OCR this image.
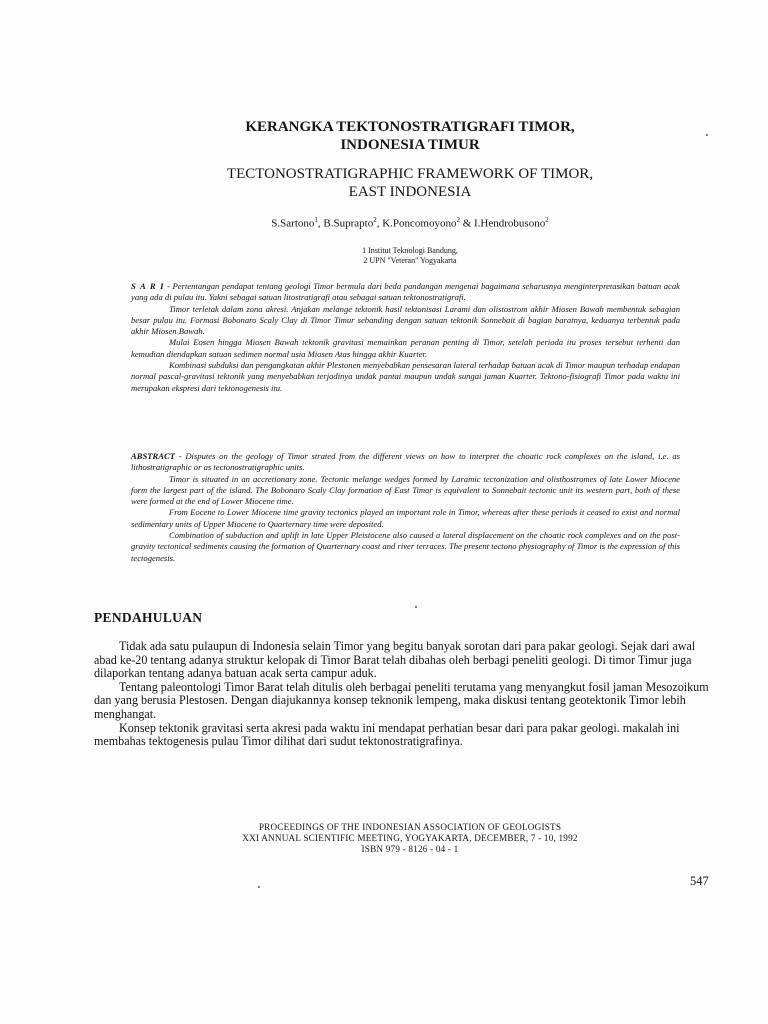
KERANGKA TEKTONOSTRATIGRAFI TIMOR,
INDONESIA TIMUR
TECTONOSTRATIGRAPHIC FRAMEWORK OF TIMOR,
EAST INDONESIA
S.Sartono$^1$, B.Suprapto$^2$, K.Poncomoyono$^2$ & I.Hendrobusono$^2$
1 Institut Teknologi Bandung,
2 UPN "Veteran" Yogyakarta

S A R I - Pertentangan pendapat tentang geologi Timor bermula dari beda pandangan mengenai bagaimana seharusnya menginterpretasikan batuan acak yang ada di pulau itu. Yakni sebagai satuan litostratigrafi atau sebagai satuan tektonostratigrafi.

Timor terletak dalam zona akresi. Anjakan melange tektonik hasil tektonisasi Larami dan olistostrom akhir Miosen Bawah membentuk sebagian besar pulau itu. Formasi Bobonaro Scaly Clay di Timor Timur sebanding dengan satuan tektonik Sonnebait di bagian baratnya, keduanya terbentuk pada akhir Miosen Bawah.

Mulai Eosen hingga Miosen Bawah tektonik gravitasi memainkan peranan penting di Timor, setelah perioda itu proses tersebut terhenti dan kemudian diendapkan satuan sedimen normal usia Miosen Atas hingga akhir Kuarter.

Kombinasi subduksi dan pengangkatan akhir Plestonen menyebabkan pensesaran lateral terhadap batuan acak di Timor maupun terhadap endapan normal pascal-gravitasi tektonik yang menyebabkan terjadinya undak pantai maupun undak sungai jaman Kuarter. Tektono-fisiografi Timor pada waktu ini merupakan ekspresi dari tektonogenesis itu.

ABSTRACT - Disputes on the geology of Timor strated from the different views on how to interpret the choatic rock complexes on the island, i.e. as lithostratigraphic or as tectonostratigraphic units.

Timor is situated in an accretionary zone. Tectonic melange wedges formed by Laramic tectonization and olisthostromes of late Lower Miocene form the largest part of the island. The Bobonaro Scaly Clay formation of East Timor is equivalent to Sonnebait tectonic unit its western part, both of these were formed at the end of Lower Miocene time.

From Eocene to Lower Miocene time gravity tectonics played an important role in Timor, whereas after these periods it ceased to exist and normal sedimentary units of Upper Miocene to Quarternary time were deposited.

Combination of subduction and uplift in late Upper Pleistocene also caused a lateral displacement on the choatic rock complexes and on the post-gravity tectonical sediments causing the formation of Quarternary coast and river terraces. The present tectono physiography of Timor is the expression of this tectogenesis.

PENDAHULUAN

Tidak ada satu pulaupun di Indonesia selain Timor yang begitu banyak sorotan dari para pakar geologi. Sejak dari awal abad ke-20 tentang adanya struktur kelopak di Timor Barat telah dibahas oleh berbagi peneliti geologi. Di timor Timur juga dilaporkan tentang adanya batuan acak serta campur aduk.

Tentang paleontologi Timor Barat telah ditulis oleh berbagai peneliti terutama yang menyangkut fosil jaman Mesozoikum dan yang berusia Plestosen. Dengan diajukannya konsep teknonik lempeng, maka diskusi tentang geotektonik Timor lebih menghangat.

Konsep tektonik gravitasi serta akresi pada waktu ini mendapat perhatian besar dari para pakar geologi. makalah ini membahas tektogenesis pulau Timor dilihat dari sudut tektonostratigrafinya.

PROCEEDINGS OF THE INDONESIAN ASSOCIATION OF GEOLOGISTS
XXI ANNUAL SCIENTIFIC MEETING, YOGYAKARTA, DECEMBER, 7 - 10, 1992
ISBN 979 - 8126 - 04 - 1
547
